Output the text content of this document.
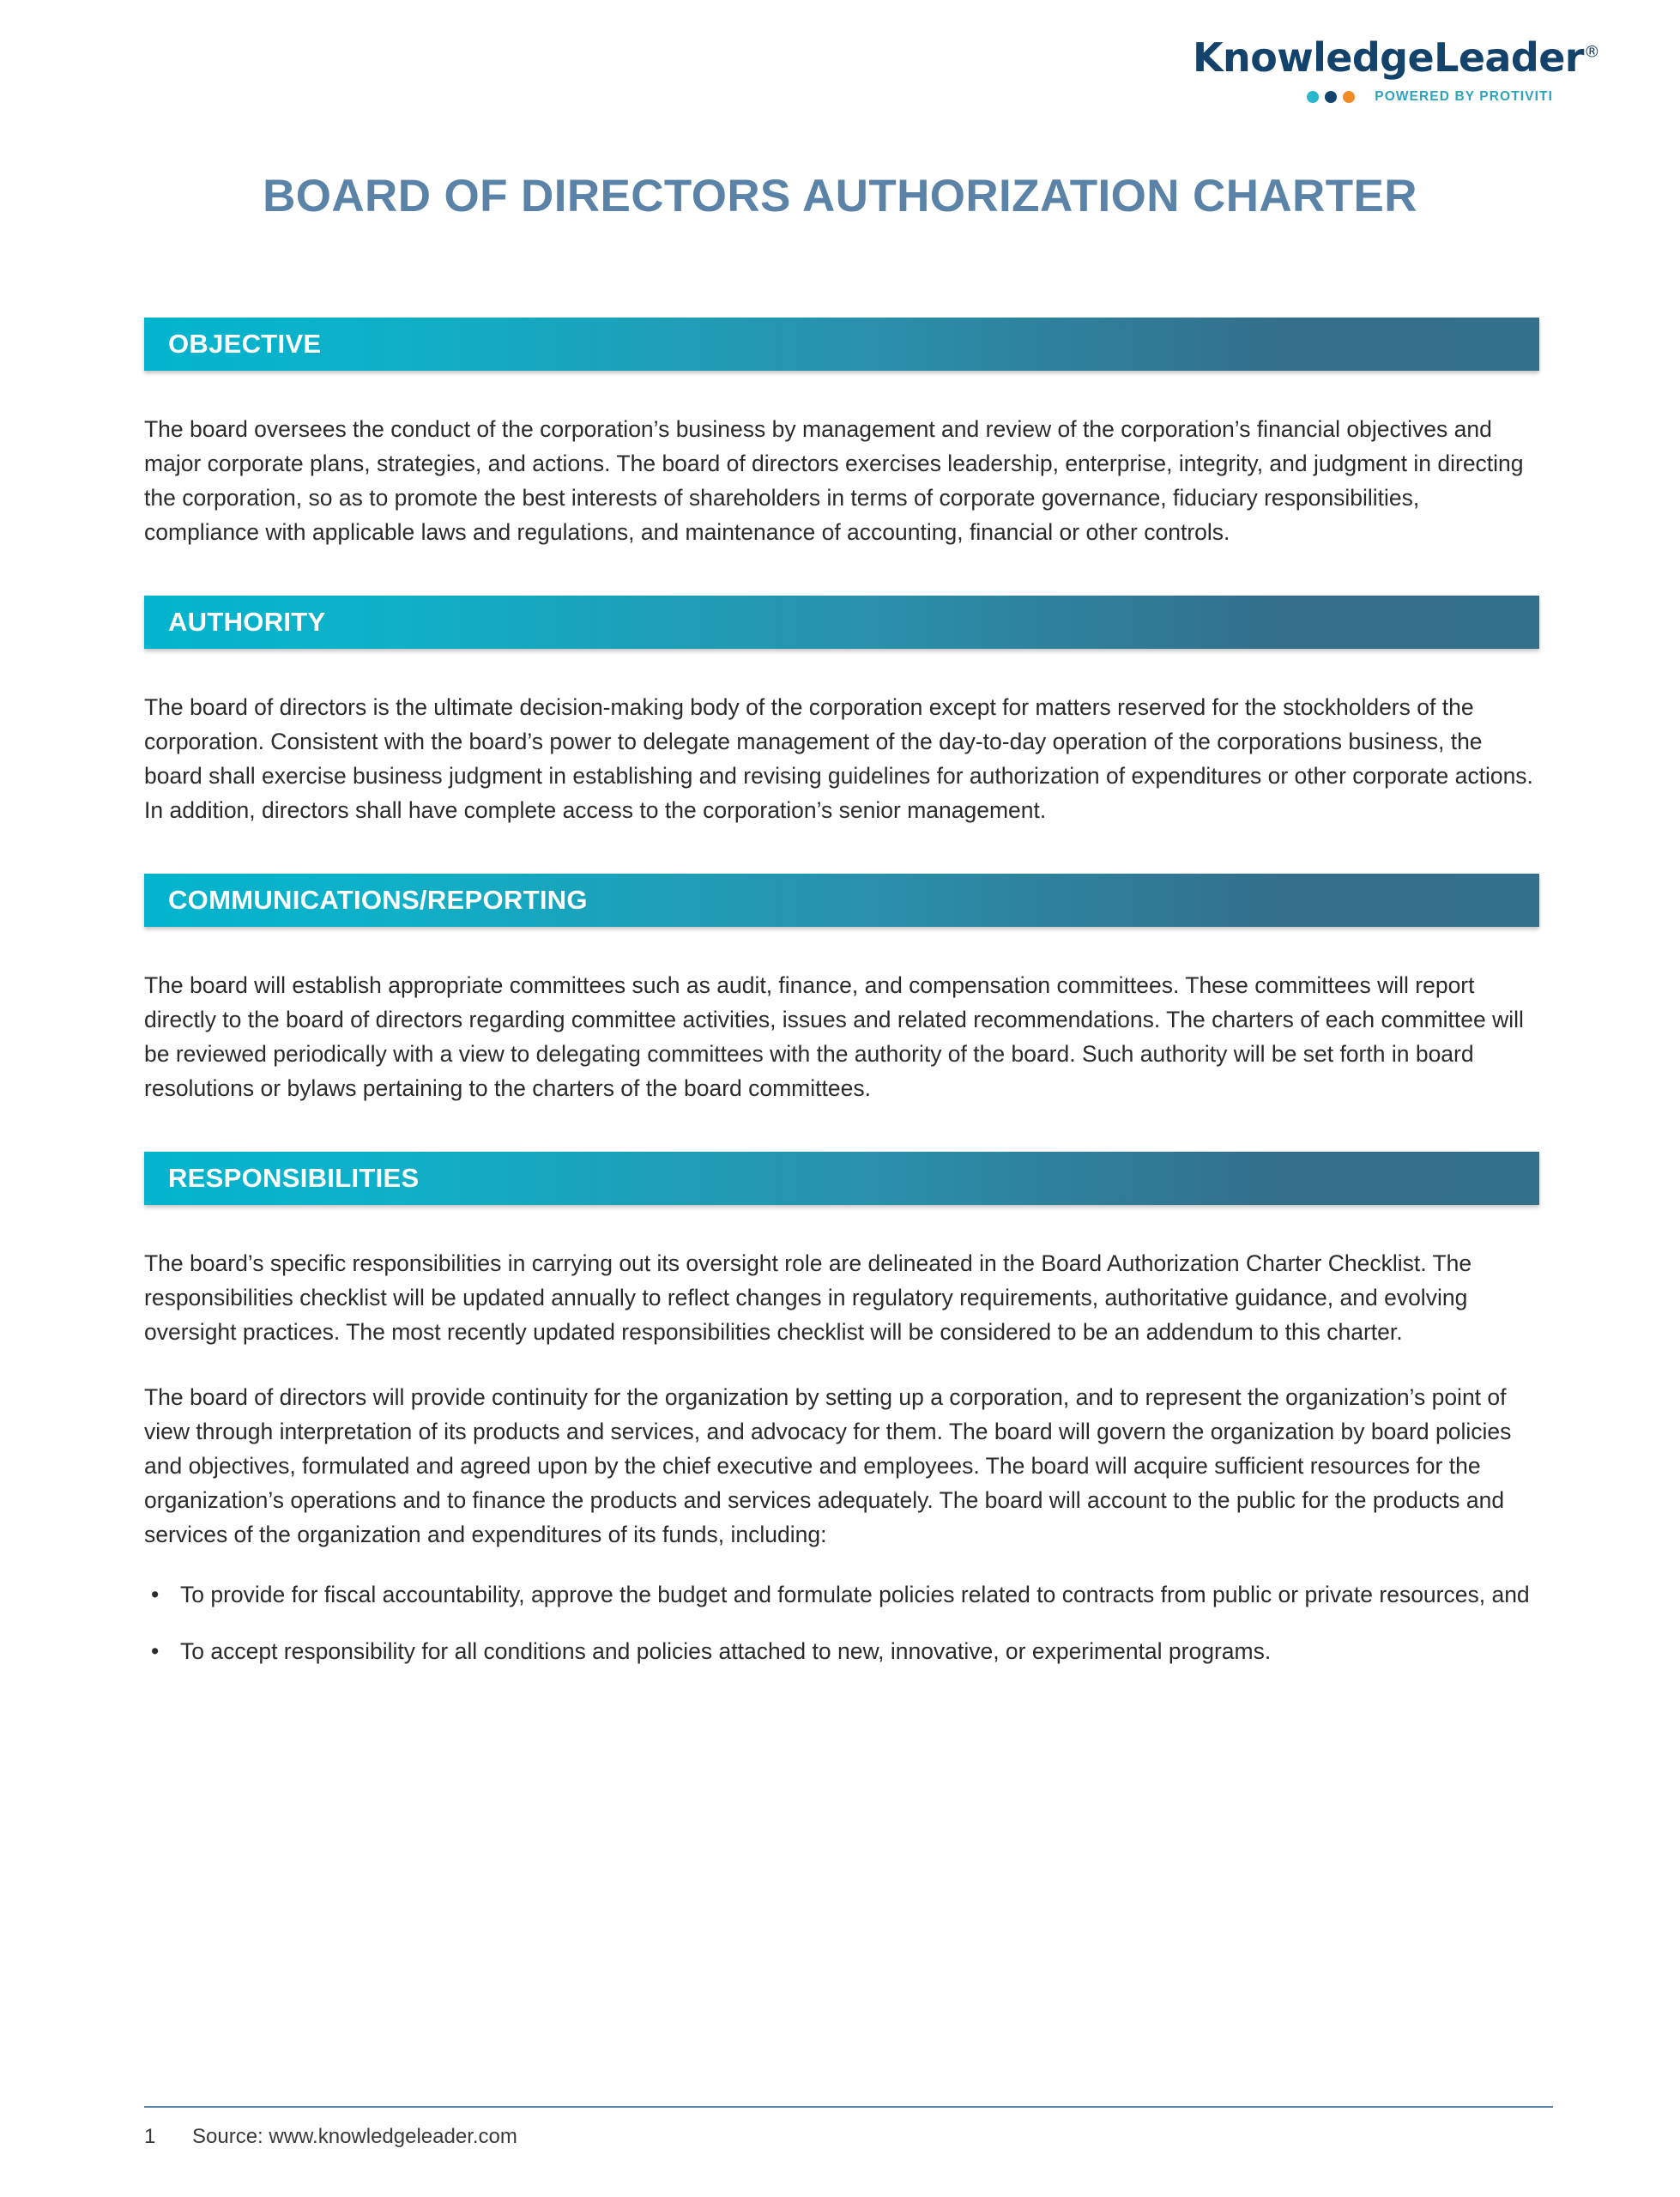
KnowledgeLeader®
POWERED BY PROTIVITI
BOARD OF DIRECTORS AUTHORIZATION CHARTER
OBJECTIVE

The board oversees the conduct of the corporation’s business by management and review of the corporation’s financial objectives and major corporate plans, strategies, and actions. The board of directors exercises leadership, enterprise, integrity, and judgment in directing the corporation, so as to promote the best interests of shareholders in terms of corporate governance, fiduciary responsibilities, compliance with applicable laws and regulations, and maintenance of accounting, financial or other controls.

AUTHORITY

The board of directors is the ultimate decision-making body of the corporation except for matters reserved for the stockholders of the corporation. Consistent with the board’s power to delegate management of the day-to-day operation of the corporations business, the board shall exercise business judgment in establishing and revising guidelines for authorization of expenditures or other corporate actions. In addition, directors shall have complete access to the corporation’s senior management.

COMMUNICATIONS/REPORTING

The board will establish appropriate committees such as audit, finance, and compensation committees. These committees will report directly to the board of directors regarding committee activities, issues and related recommendations. The charters of each committee will be reviewed periodically with a view to delegating committees with the authority of the board. Such authority will be set forth in board resolutions or bylaws pertaining to the charters of the board committees.

RESPONSIBILITIES

The board’s specific responsibilities in carrying out its oversight role are delineated in the Board Authorization Charter Checklist. The responsibilities checklist will be updated annually to reflect changes in regulatory requirements, authoritative guidance, and evolving oversight practices. The most recently updated responsibilities checklist will be considered to be an addendum to this charter.

The board of directors will provide continuity for the organization by setting up a corporation, and to represent the organization’s point of view through interpretation of its products and services, and advocacy for them. The board will govern the organization by board policies and objectives, formulated and agreed upon by the chief executive and employees. The board will acquire sufficient resources for the organization’s operations and to finance the products and services adequately. The board will account to the public for the products and services of the organization and expenditures of its funds, including:

• To provide for fiscal accountability, approve the budget and formulate policies related to contracts from public or private resources, and
• To accept responsibility for all conditions and policies attached to new, innovative, or experimental programs.
1	Source: www.knowledgeleader.com
